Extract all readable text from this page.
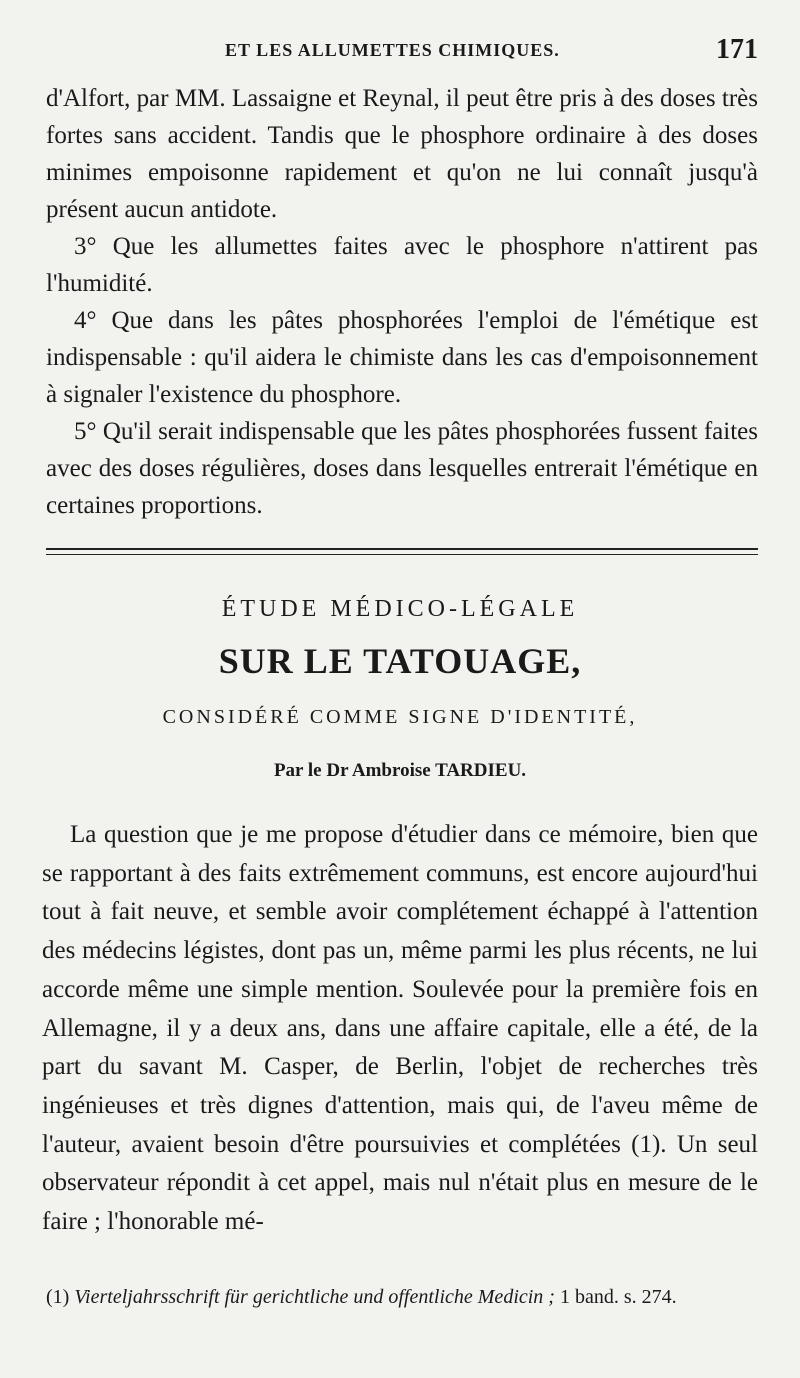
ET LES ALLUMETTES CHIMIQUES.	171

d'Alfort, par MM. Lassaigne et Reynal, il peut être pris à des doses très fortes sans accident. Tandis que le phosphore ordinaire à des doses minimes empoisonne rapidement et qu'on ne lui connaît jusqu'à présent aucun antidote.

3° Que les allumettes faites avec le phosphore n'attirent pas l'humidité.

4° Que dans les pâtes phosphorées l'emploi de l'émétique est indispensable : qu'il aidera le chimiste dans les cas d'empoisonnement à signaler l'existence du phosphore.

5° Qu'il serait indispensable que les pâtes phosphorées fussent faites avec des doses régulières, doses dans lesquelles entrerait l'émétique en certaines proportions.

ÉTUDE MÉDICO-LÉGALE
SUR LE TATOUAGE,
CONSIDÉRÉ COMME SIGNE D'IDENTITÉ,
Par le Dr Ambroise TARDIEU.

La question que je me propose d'étudier dans ce mémoire, bien que se rapportant à des faits extrêmement communs, est encore aujourd'hui tout à fait neuve, et semble avoir complétement échappé à l'attention des médecins légistes, dont pas un, même parmi les plus récents, ne lui accorde même une simple mention. Soulevée pour la première fois en Allemagne, il y a deux ans, dans une affaire capitale, elle a été, de la part du savant M. Casper, de Berlin, l'objet de recherches très ingénieuses et très dignes d'attention, mais qui, de l'aveu même de l'auteur, avaient besoin d'être poursuivies et complétées (1). Un seul observateur répondit à cet appel, mais nul n'était plus en mesure de le faire ; l'honorable mé-

(1) Vierteljahrsschrift für gerichtliche und offentliche Medicin ; 1 band. s. 274.
